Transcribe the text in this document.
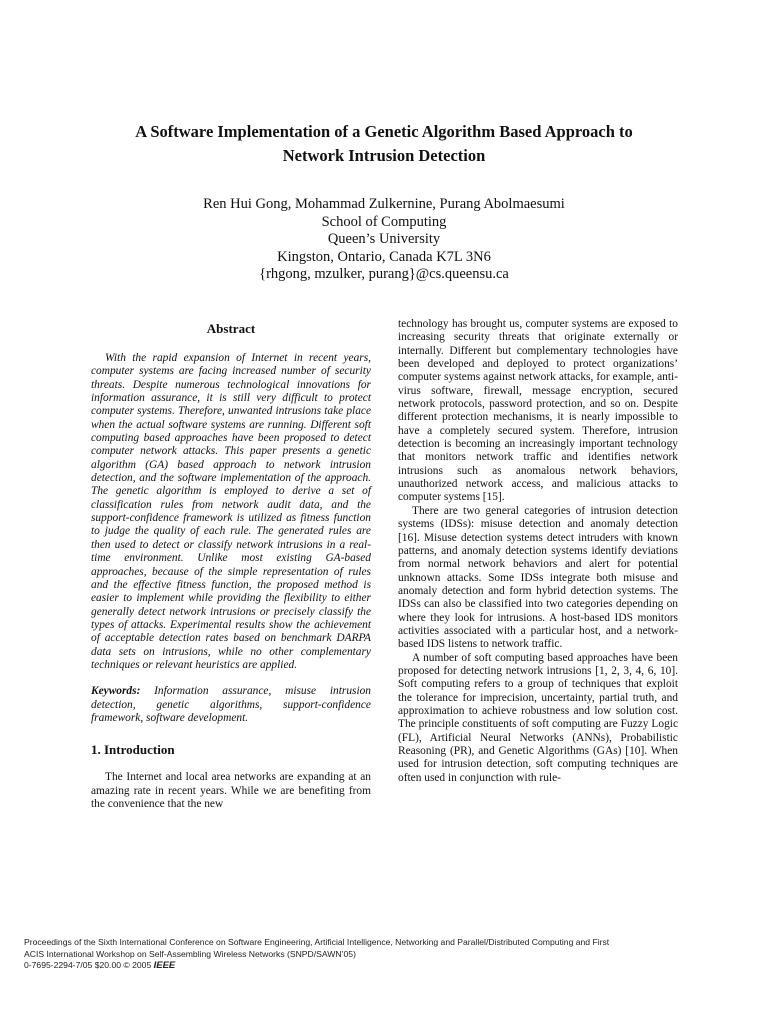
A Software Implementation of a Genetic Algorithm Based Approach to
Network Intrusion Detection
Ren Hui Gong, Mohammad Zulkernine, Purang Abolmaesumi
School of Computing
Queen’s University
Kingston, Ontario, Canada K7L 3N6
{rhgong, mzulker, purang}@cs.queensu.ca
Abstract

With the rapid expansion of Internet in recent years, computer systems are facing increased number of security threats. Despite numerous technological innovations for information assurance, it is still very difficult to protect computer systems. Therefore, unwanted intrusions take place when the actual software systems are running. Different soft computing based approaches have been proposed to detect computer network attacks. This paper presents a genetic algorithm (GA) based approach to network intrusion detection, and the software implementation of the approach. The genetic algorithm is employed to derive a set of classification rules from network audit data, and the support-confidence framework is utilized as fitness function to judge the quality of each rule. The generated rules are then used to detect or classify network intrusions in a real-time environment. Unlike most existing GA-based approaches, because of the simple representation of rules and the effective fitness function, the proposed method is easier to implement while providing the flexibility to either generally detect network intrusions or precisely classify the types of attacks. Experimental results show the achievement of acceptable detection rates based on benchmark DARPA data sets on intrusions, while no other complementary techniques or relevant heuristics are applied.

Keywords: Information assurance, misuse intrusion detection, genetic algorithms, support-confidence framework, software development.

1. Introduction

The Internet and local area networks are expanding at an amazing rate in recent years. While we are benefiting from the convenience that the new

technology has brought us, computer systems are exposed to increasing security threats that originate externally or internally. Different but complementary technologies have been developed and deployed to protect organizations’ computer systems against network attacks, for example, anti-virus software, firewall, message encryption, secured network protocols, password protection, and so on. Despite different protection mechanisms, it is nearly impossible to have a completely secured system. Therefore, intrusion detection is becoming an increasingly important technology that monitors network traffic and identifies network intrusions such as anomalous network behaviors, unauthorized network access, and malicious attacks to computer systems [15].

There are two general categories of intrusion detection systems (IDSs): misuse detection and anomaly detection [16]. Misuse detection systems detect intruders with known patterns, and anomaly detection systems identify deviations from normal network behaviors and alert for potential unknown attacks. Some IDSs integrate both misuse and anomaly detection and form hybrid detection systems. The IDSs can also be classified into two categories depending on where they look for intrusions. A host-based IDS monitors activities associated with a particular host, and a network-based IDS listens to network traffic.

A number of soft computing based approaches have been proposed for detecting network intrusions [1, 2, 3, 4, 6, 10]. Soft computing refers to a group of techniques that exploit the tolerance for imprecision, uncertainty, partial truth, and approximation to achieve robustness and low solution cost. The principle constituents of soft computing are Fuzzy Logic (FL), Artificial Neural Networks (ANNs), Probabilistic Reasoning (PR), and Genetic Algorithms (GAs) [10]. When used for intrusion detection, soft computing techniques are often used in conjunction with rule-

Proceedings of the Sixth International Conference on Software Engineering, Artificial Intelligence, Networking and Parallel/Distributed Computing and First
ACIS International Workshop on Self-Assembling Wireless Networks (SNPD/SAWN’05)
0-7695-2294-7/05 $20.00 © 2005 IEEE
